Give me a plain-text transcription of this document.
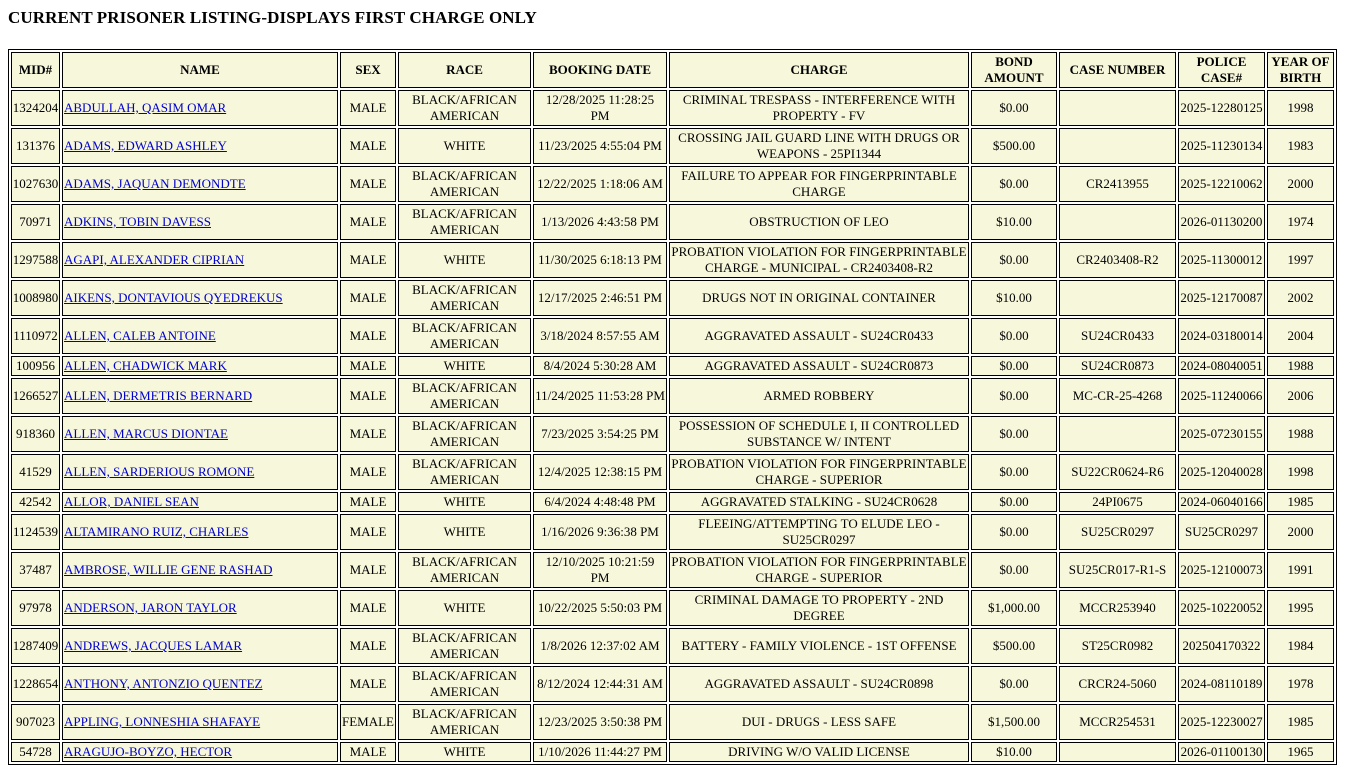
CURRENT PRISONER LISTING-DISPLAYS FIRST CHARGE ONLY
MID#	NAME	SEX	RACE	BOOKING DATE	CHARGE	BOND AMOUNT	CASE NUMBER	POLICE CASE#	YEAR OF BIRTH
1324204	ABDULLAH, QASIM OMAR	MALE	BLACK/AFRICAN AMERICAN	12/28/2025 11:28:25 PM	CRIMINAL TRESPASS - INTERFERENCE WITH PROPERTY - FV	$0.00		2025-12280125	1998
131376	ADAMS, EDWARD ASHLEY	MALE	WHITE	11/23/2025 4:55:04 PM	CROSSING JAIL GUARD LINE WITH DRUGS OR WEAPONS - 25PI1344	$500.00		2025-11230134	1983
1027630	ADAMS, JAQUAN DEMONDTE	MALE	BLACK/AFRICAN AMERICAN	12/22/2025 1:18:06 AM	FAILURE TO APPEAR FOR FINGERPRINTABLE CHARGE	$0.00	CR2413955	2025-12210062	2000
70971	ADKINS, TOBIN DAVESS	MALE	BLACK/AFRICAN AMERICAN	1/13/2026 4:43:58 PM	OBSTRUCTION OF LEO	$10.00		2026-01130200	1974
1297588	AGAPI, ALEXANDER CIPRIAN	MALE	WHITE	11/30/2025 6:18:13 PM	PROBATION VIOLATION FOR FINGERPRINTABLE CHARGE - MUNICIPAL - CR2403408-R2	$0.00	CR2403408-R2	2025-11300012	1997
1008980	AIKENS, DONTAVIOUS QYEDREKUS	MALE	BLACK/AFRICAN AMERICAN	12/17/2025 2:46:51 PM	DRUGS NOT IN ORIGINAL CONTAINER	$10.00		2025-12170087	2002
1110972	ALLEN, CALEB ANTOINE	MALE	BLACK/AFRICAN AMERICAN	3/18/2024 8:57:55 AM	AGGRAVATED ASSAULT - SU24CR0433	$0.00	SU24CR0433	2024-03180014	2004
100956	ALLEN, CHADWICK MARK	MALE	WHITE	8/4/2024 5:30:28 AM	AGGRAVATED ASSAULT - SU24CR0873	$0.00	SU24CR0873	2024-08040051	1988
1266527	ALLEN, DERMETRIS BERNARD	MALE	BLACK/AFRICAN AMERICAN	11/24/2025 11:53:28 PM	ARMED ROBBERY	$0.00	MC-CR-25-4268	2025-11240066	2006
918360	ALLEN, MARCUS DIONTAE	MALE	BLACK/AFRICAN AMERICAN	7/23/2025 3:54:25 PM	POSSESSION OF SCHEDULE I, II CONTROLLED SUBSTANCE W/ INTENT	$0.00		2025-07230155	1988
41529	ALLEN, SARDERIOUS ROMONE	MALE	BLACK/AFRICAN AMERICAN	12/4/2025 12:38:15 PM	PROBATION VIOLATION FOR FINGERPRINTABLE CHARGE - SUPERIOR	$0.00	SU22CR0624-R6	2025-12040028	1998
42542	ALLOR, DANIEL SEAN	MALE	WHITE	6/4/2024 4:48:48 PM	AGGRAVATED STALKING - SU24CR0628	$0.00	24PI0675	2024-06040166	1985
1124539	ALTAMIRANO RUIZ, CHARLES	MALE	WHITE	1/16/2026 9:36:38 PM	FLEEING/ATTEMPTING TO ELUDE LEO - SU25CR0297	$0.00	SU25CR0297	SU25CR0297	2000
37487	AMBROSE, WILLIE GENE RASHAD	MALE	BLACK/AFRICAN AMERICAN	12/10/2025 10:21:59 PM	PROBATION VIOLATION FOR FINGERPRINTABLE CHARGE - SUPERIOR	$0.00	SU25CR017-R1-S	2025-12100073	1991
97978	ANDERSON, JARON TAYLOR	MALE	WHITE	10/22/2025 5:50:03 PM	CRIMINAL DAMAGE TO PROPERTY - 2ND DEGREE	$1,000.00	MCCR253940	2025-10220052	1995
1287409	ANDREWS, JACQUES LAMAR	MALE	BLACK/AFRICAN AMERICAN	1/8/2026 12:37:02 AM	BATTERY - FAMILY VIOLENCE - 1ST OFFENSE	$500.00	ST25CR0982	202504170322	1984
1228654	ANTHONY, ANTONZIO QUENTEZ	MALE	BLACK/AFRICAN AMERICAN	8/12/2024 12:44:31 AM	AGGRAVATED ASSAULT - SU24CR0898	$0.00	CRCR24-5060	2024-08110189	1978
907023	APPLING, LONNESHIA SHAFAYE	FEMALE	BLACK/AFRICAN AMERICAN	12/23/2025 3:50:38 PM	DUI - DRUGS - LESS SAFE	$1,500.00	MCCR254531	2025-12230027	1985
54728	ARAGUJO-BOYZO, HECTOR	MALE	WHITE	1/10/2026 11:44:27 PM	DRIVING W/O VALID LICENSE	$10.00		2026-01100130	1965
